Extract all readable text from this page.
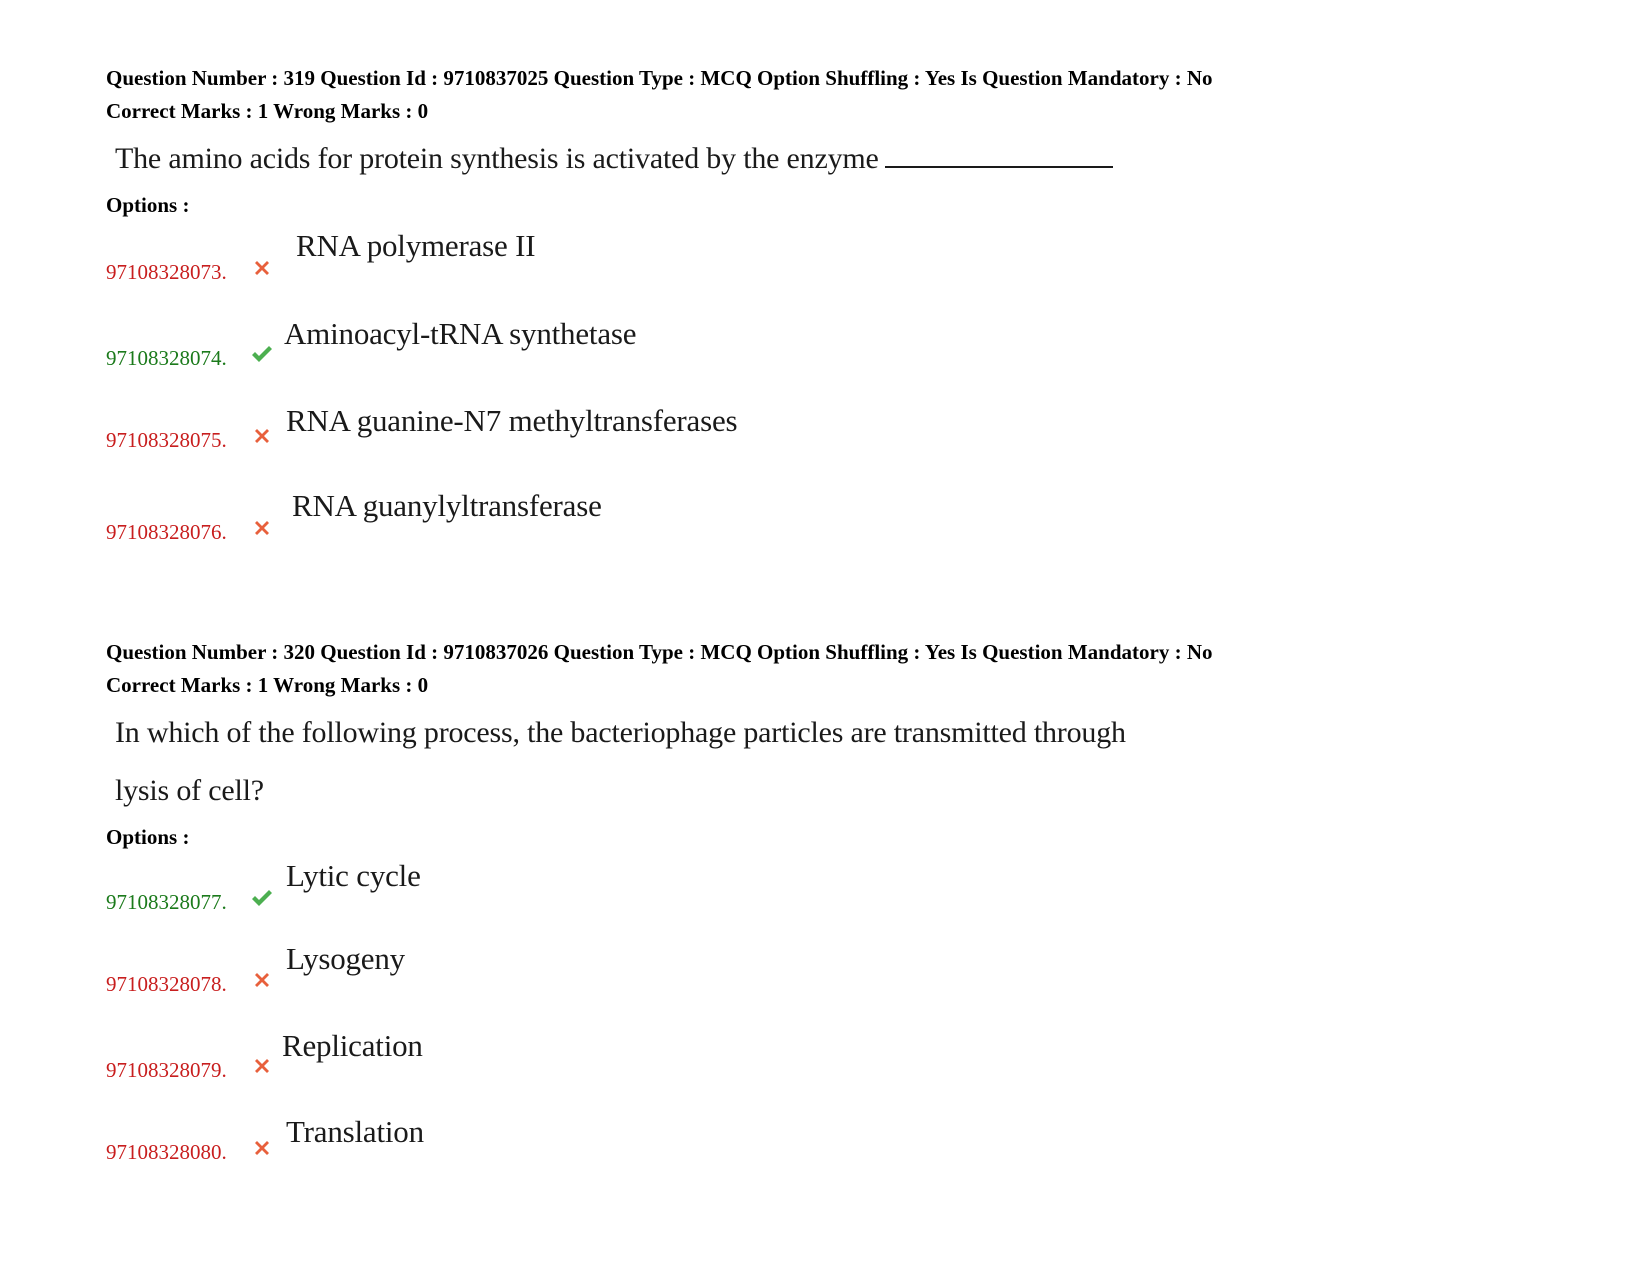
Question Number : 319 Question Id : 9710837025 Question Type : MCQ Option Shuffling : Yes Is Question Mandatory : No
Correct Marks : 1 Wrong Marks : 0
The amino acids for protein synthesis is activated by the enzyme
Options :
97108328073.
RNA polymerase II
97108328074.
Aminoacyl-tRNA synthetase
97108328075.
RNA guanine-N7 methyltransferases
97108328076.
RNA guanylyltransferase
Question Number : 320 Question Id : 9710837026 Question Type : MCQ Option Shuffling : Yes Is Question Mandatory : No
Correct Marks : 1 Wrong Marks : 0
In which of the following process, the bacteriophage particles are transmitted through
lysis of cell?
Options :
97108328077.
Lytic cycle
97108328078.
Lysogeny
97108328079.
Replication
97108328080.
Translation
